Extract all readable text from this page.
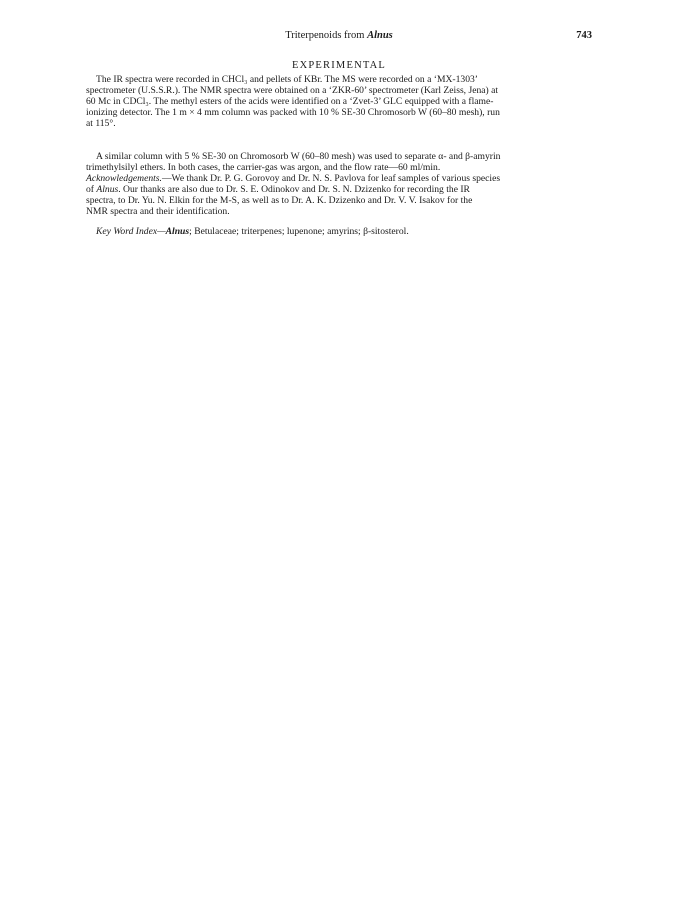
Triterpenoids from Alnus	743
EXPERIMENTAL

The IR spectra were recorded in CHCl₃ and pellets of KBr. The MS were recorded on a ‘MX-1303’
spectrometer (U.S.S.R.). The NMR spectra were obtained on a ‘ZKR-60’ spectrometer (Karl Zeiss, Jena) at
60 Mc in CDCl₃. The methyl esters of the acids were identified on a ‘Zvet-3’ GLC equipped with a flame-
ionizing detector. The 1 m × 4 mm column was packed with 10 % SE-30 Chromosorb W (60–80 mesh), run
at 115°.

A similar column with 5 % SE-30 on Chromosorb W (60–80 mesh) was used to separate α- and β-amyrin
trimethylsilyl ethers. In both cases, the carrier-gas was argon, and the flow rate—60 ml/min.

Acknowledgements.—We thank Dr. P. G. Gorovoy and Dr. N. S. Pavlova for leaf samples of various species
of Alnus. Our thanks are also due to Dr. S. E. Odinokov and Dr. S. N. Dzizenko for recording the IR
spectra, to Dr. Yu. N. Elkin for the M-S, as well as to Dr. A. K. Dzizenko and Dr. V. V. Isakov for the
NMR spectra and their identification.

Key Word Index—Alnus; Betulaceae; triterpenes; lupenone; amyrins; β-sitosterol.
